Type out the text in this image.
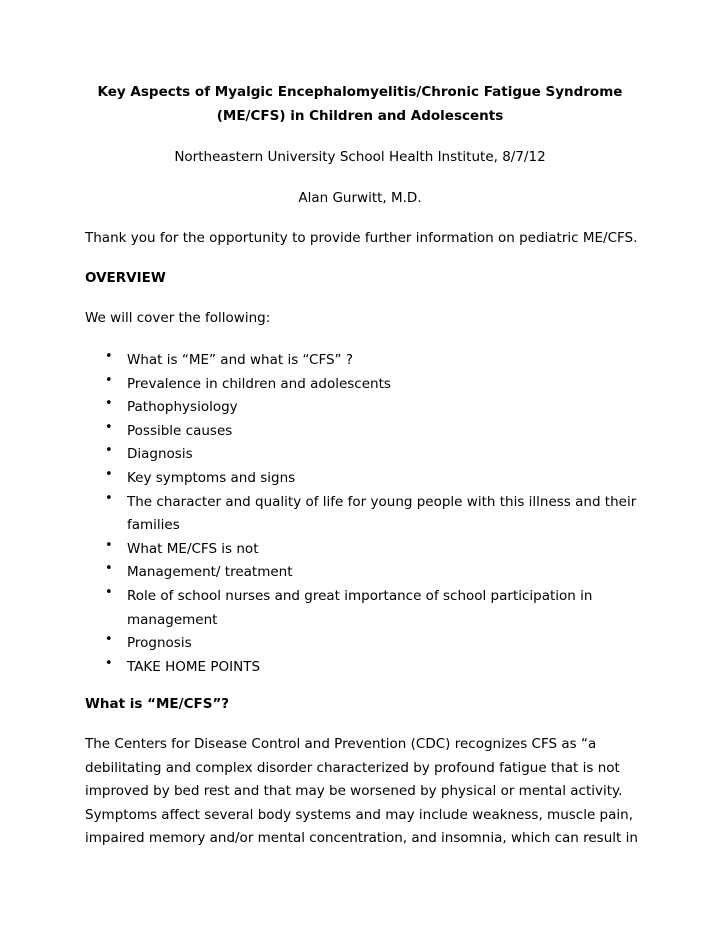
Key Aspects of Myalgic Encephalomyelitis/Chronic Fatigue Syndrome
(ME/CFS) in Children and Adolescents
Northeastern University School Health Institute, 8/7/12
Alan Gurwitt, M.D.
Thank you for the opportunity to provide further information on pediatric ME/CFS.
OVERVIEW
We will cover the following:
• What is “ME” and what is “CFS” ?
• Prevalence in children and adolescents
• Pathophysiology
• Possible causes
• Diagnosis
• Key symptoms and signs
• The character and quality of life for young people with this illness and their
families
• What ME/CFS is not
• Management/ treatment
• Role of school nurses and great importance of school participation in
management
• Prognosis
• TAKE HOME POINTS
What is “ME/CFS”?
The Centers for Disease Control and Prevention (CDC) recognizes CFS as “a
debilitating and complex disorder characterized by profound fatigue that is not
improved by bed rest and that may be worsened by physical or mental activity.
Symptoms affect several body systems and may include weakness, muscle pain,
impaired memory and/or mental concentration, and insomnia, which can result in
